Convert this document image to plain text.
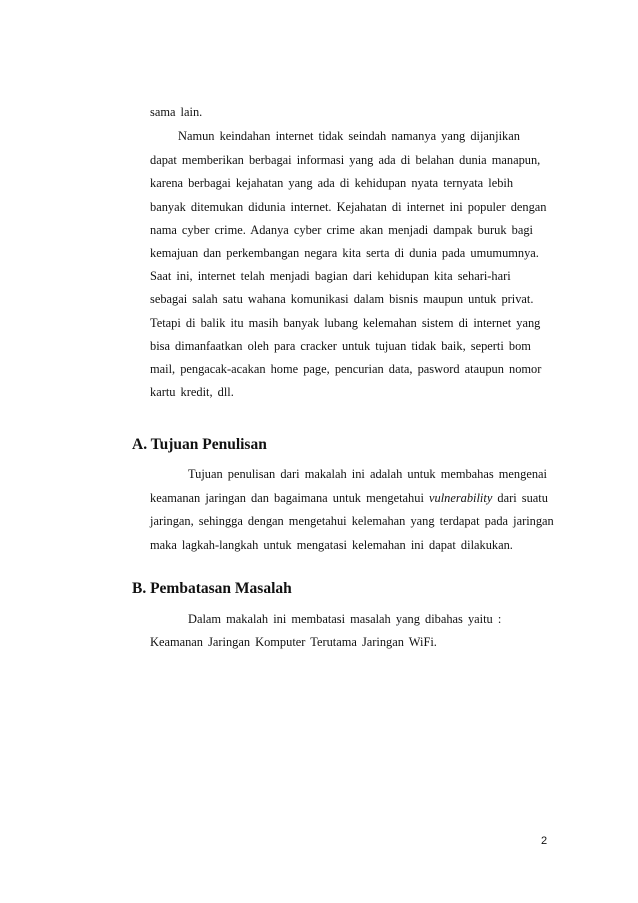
sama lain.
Namun keindahan internet tidak seindah namanya yang dijanjikan
dapat memberikan berbagai informasi yang ada di belahan dunia manapun,
karena berbagai kejahatan yang ada di kehidupan nyata ternyata lebih
banyak ditemukan didunia internet. Kejahatan di internet ini populer dengan
nama cyber crime. Adanya cyber crime akan menjadi dampak buruk bagi
kemajuan dan perkembangan negara kita serta di dunia pada umumumnya.
Saat ini, internet telah menjadi bagian dari kehidupan kita sehari-hari
sebagai salah satu wahana komunikasi dalam bisnis maupun untuk privat.
Tetapi di balik itu masih banyak lubang kelemahan sistem di internet yang
bisa dimanfaatkan oleh para cracker untuk tujuan tidak baik, seperti bom
mail, pengacak-acakan home page, pencurian data, pasword ataupun nomor
kartu kredit, dll.
A. Tujuan Penulisan
Tujuan penulisan dari makalah ini adalah untuk membahas mengenai
keamanan jaringan dan bagaimana untuk mengetahui vulnerability dari suatu
jaringan, sehingga dengan mengetahui kelemahan yang terdapat pada jaringan
maka lagkah-langkah untuk mengatasi kelemahan ini dapat dilakukan.
B. Pembatasan Masalah
Dalam makalah ini membatasi masalah yang dibahas yaitu :
Keamanan Jaringan Komputer Terutama Jaringan WiFi.
2
